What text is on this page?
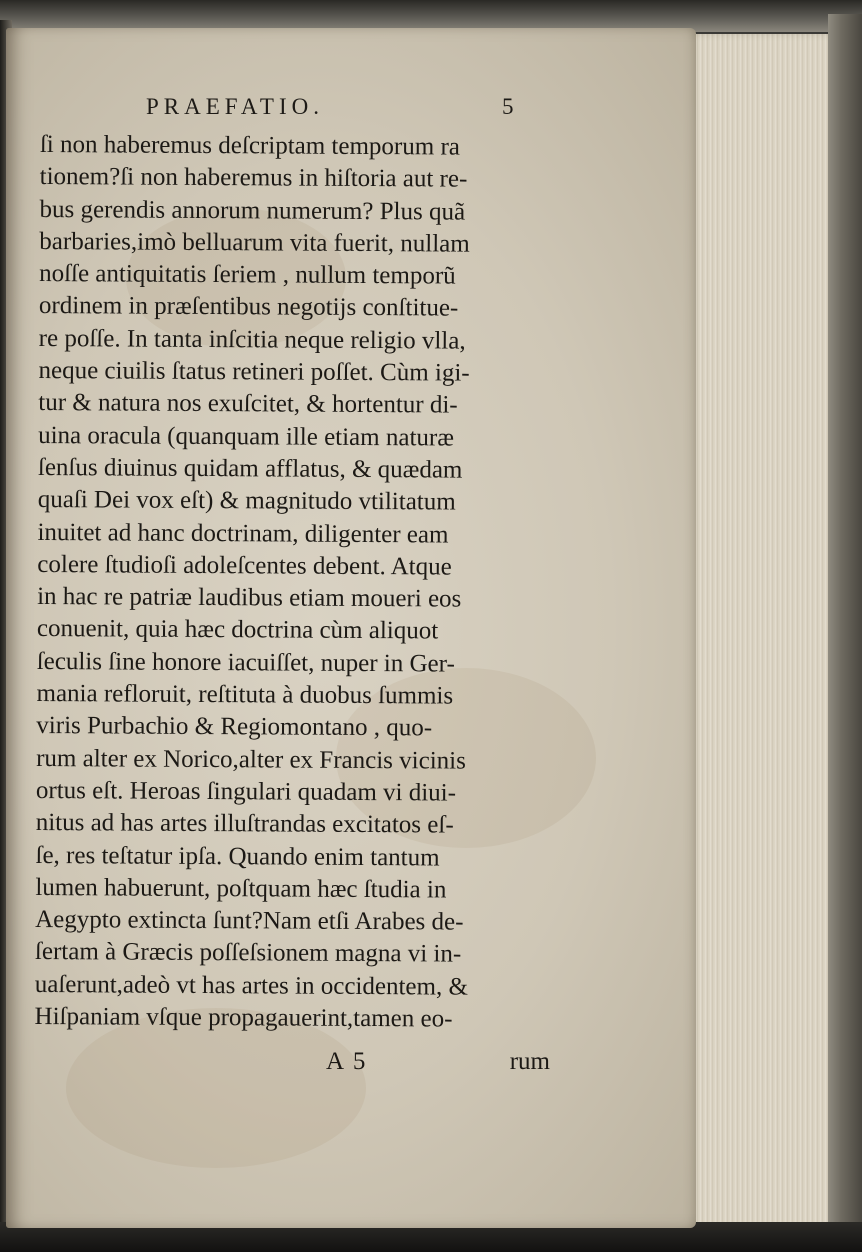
PRAEFATIO.	5
ſi non haberemus deſcriptam temporum ra
tionem?ſi non haberemus in hiſtoria aut re-
bus gerendis annorum numerum? Plus quã
barbaries,imò belluarum vita fuerit, nullam
noſſe antiquitatis ſeriem , nullum temporũ
ordinem in præſentibus negotijs conſtitue-
re poſſe. In tanta inſcitia neque religio vlla,
neque ciuilis ſtatus retineri poſſet. Cùm igi-
tur & natura nos exuſcitet, & hortentur di-
uina oracula (quanquam ille etiam naturæ
ſenſus diuinus quidam afflatus, & quædam
quaſi Dei vox eſt) & magnitudo vtilitatum
inuitet ad hanc doctrinam, diligenter eam
colere ſtudioſi adoleſcentes debent. Atque
in hac re patriæ laudibus etiam moueri eos
conuenit, quia hæc doctrina cùm aliquot
ſeculis ſine honore iacuiſſet, nuper in Ger-
mania refloruit, reſtituta à duobus ſummis
viris Purbachio & Regiomontano , quo-
rum alter ex Norico,alter ex Francis vicinis
ortus eſt. Heroas ſingulari quadam vi diui-
nitus ad has artes illuſtrandas excitatos eſ-
ſe, res teſtatur ipſa. Quando enim tantum
lumen habuerunt, poſtquam hæc ſtudia in
Aegypto extincta ſunt?Nam etſi Arabes de-
ſertam à Græcis poſſeſsionem magna vi in-
uaſerunt,adeò vt has artes in occidentem, &
Hiſpaniam vſque propagauerint,tamen eo-
A 5	rum
